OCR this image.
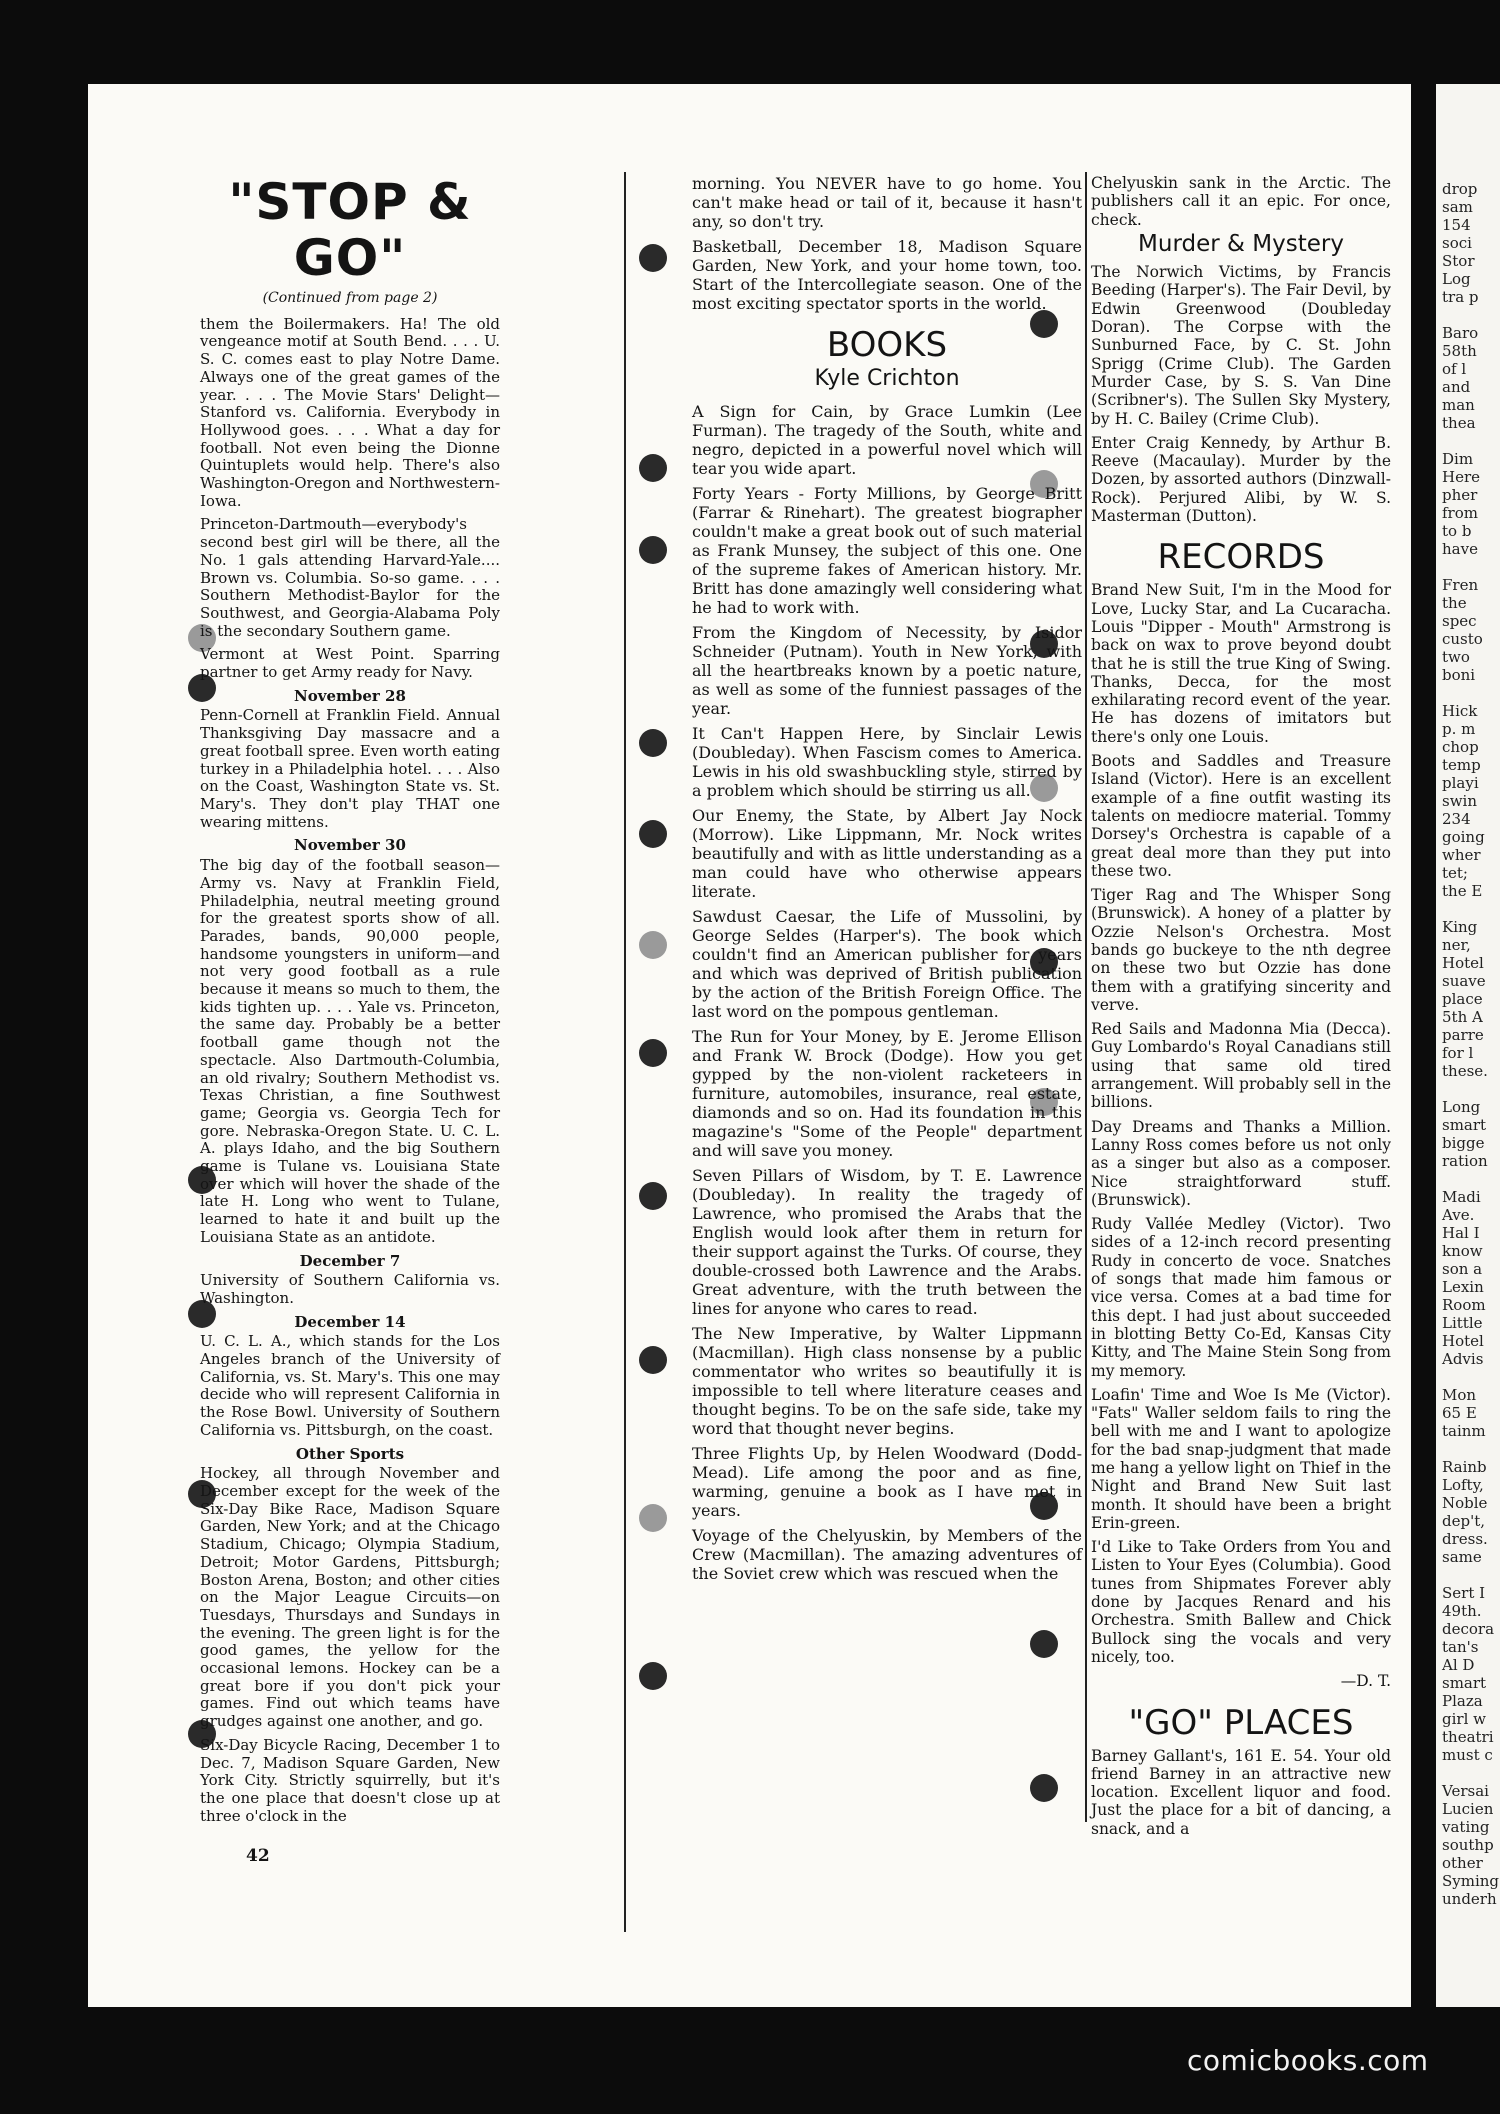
"STOP & GO"
(Continued from page 2)

them the Boilermakers. Ha! The old vengeance motif at South Bend. . . . U. S. C. comes east to play Notre Dame. Always one of the great games of the year. . . . The Movie Stars' Delight—Stanford vs. California. Everybody in Hollywood goes. . . . What a day for football. Not even being the Dionne Quintuplets would help. There's also Washington-Oregon and Northwestern-Iowa.

Princeton-Dartmouth—everybody's second best girl will be there, all the No. 1 gals attending Harvard-Yale.... Brown vs. Columbia. So-so game. . . . Southern Methodist-Baylor for the Southwest, and Georgia-Alabama Poly is the secondary Southern game.

Vermont at West Point. Sparring partner to get Army ready for Navy.

November 28

Penn-Cornell at Franklin Field. Annual Thanksgiving Day massacre and a great football spree. Even worth eating turkey in a Philadelphia hotel. . . . Also on the Coast, Washington State vs. St. Mary's. They don't play THAT one wearing mittens.

November 30

The big day of the football season—Army vs. Navy at Franklin Field, Philadelphia, neutral meeting ground for the greatest sports show of all. Parades, bands, 90,000 people, handsome youngsters in uniform—and not very good football as a rule because it means so much to them, the kids tighten up. . . . Yale vs. Princeton, the same day. Probably be a better football game though not the spectacle. Also Dartmouth-Columbia, an old rivalry; Southern Methodist vs. Texas Christian, a fine Southwest game; Georgia vs. Georgia Tech for gore. Nebraska-Oregon State. U. C. L. A. plays Idaho, and the big Southern game is Tulane vs. Louisiana State over which will hover the shade of the late H. Long who went to Tulane, learned to hate it and built up the Louisiana State as an antidote.

December 7

University of Southern California vs. Washington.

December 14

U. C. L. A., which stands for the Los Angeles branch of the University of California, vs. St. Mary's. This one may decide who will represent California in the Rose Bowl. University of Southern California vs. Pittsburgh, on the coast.

Other Sports

Hockey, all through November and December except for the week of the Six-Day Bike Race, Madison Square Garden, New York; and at the Chicago Stadium, Chicago; Olympia Stadium, Detroit; Motor Gardens, Pittsburgh; Boston Arena, Boston; and other cities on the Major League Circuits—on Tuesdays, Thursdays and Sundays in the evening. The green light is for the good games, the yellow for the occasional lemons. Hockey can be a great bore if you don't pick your games. Find out which teams have grudges against one another, and go.

Six-Day Bicycle Racing, December 1 to Dec. 7, Madison Square Garden, New York City. Strictly squirrelly, but it's the one place that doesn't close up at three o'clock in the

morning. You NEVER have to go home. You can't make head or tail of it, because it hasn't any, so don't try.

Basketball, December 18, Madison Square Garden, New York, and your home town, too. Start of the Intercollegiate season. One of the most exciting spectator sports in the world.

BOOKS
Kyle Crichton

A Sign for Cain, by Grace Lumkin (Lee Furman). The tragedy of the South, white and negro, depicted in a powerful novel which will tear you wide apart.

Forty Years - Forty Millions, by George Britt (Farrar & Rinehart). The greatest biographer couldn't make a great book out of such material as Frank Munsey, the subject of this one. One of the supreme fakes of American history. Mr. Britt has done amazingly well considering what he had to work with.

From the Kingdom of Necessity, by Isidor Schneider (Putnam). Youth in New York, with all the heartbreaks known by a poetic nature, as well as some of the funniest passages of the year.

It Can't Happen Here, by Sinclair Lewis (Doubleday). When Fascism comes to America. Lewis in his old swashbuckling style, stirred by a problem which should be stirring us all.

Our Enemy, the State, by Albert Jay Nock (Morrow). Like Lippmann, Mr. Nock writes beautifully and with as little understanding as a man could have who otherwise appears literate.

Sawdust Caesar, the Life of Mussolini, by George Seldes (Harper's). The book which couldn't find an American publisher for years and which was deprived of British publication by the action of the British Foreign Office. The last word on the pompous gentleman.

The Run for Your Money, by E. Jerome Ellison and Frank W. Brock (Dodge). How you get gypped by the non-violent racketeers in furniture, automobiles, insurance, real estate, diamonds and so on. Had its foundation in this magazine's "Some of the People" department and will save you money.

Seven Pillars of Wisdom, by T. E. Lawrence (Doubleday). In reality the tragedy of Lawrence, who promised the Arabs that the English would look after them in return for their support against the Turks. Of course, they double-crossed both Lawrence and the Arabs. Great adventure, with the truth between the lines for anyone who cares to read.

The New Imperative, by Walter Lippmann (Macmillan). High class nonsense by a public commentator who writes so beautifully it is impossible to tell where literature ceases and thought begins. To be on the safe side, take my word that thought never begins.

Three Flights Up, by Helen Woodward (Dodd-Mead). Life among the poor and as fine, warming, genuine a book as I have met in years.

Voyage of the Chelyuskin, by Members of the Crew (Macmillan). The amazing adventures of the Soviet crew which was rescued when the

Chelyuskin sank in the Arctic. The publishers call it an epic. For once, check.

Murder & Mystery

The Norwich Victims, by Francis Beeding (Harper's). The Fair Devil, by Edwin Greenwood (Doubleday Doran). The Corpse with the Sunburned Face, by C. St. John Sprigg (Crime Club). The Garden Murder Case, by S. S. Van Dine (Scribner's). The Sullen Sky Mystery, by H. C. Bailey (Crime Club).

Enter Craig Kennedy, by Arthur B. Reeve (Macaulay). Murder by the Dozen, by assorted authors (Dinzwall-Rock). Perjured Alibi, by W. S. Masterman (Dutton).

RECORDS

Brand New Suit, I'm in the Mood for Love, Lucky Star, and La Cucaracha. Louis "Dipper - Mouth" Armstrong is back on wax to prove beyond doubt that he is still the true King of Swing. Thanks, Decca, for the most exhilarating record event of the year. He has dozens of imitators but there's only one Louis.

Boots and Saddles and Treasure Island (Victor). Here is an excellent example of a fine outfit wasting its talents on mediocre material. Tommy Dorsey's Orchestra is capable of a great deal more than they put into these two.

Tiger Rag and The Whisper Song (Brunswick). A honey of a platter by Ozzie Nelson's Orchestra. Most bands go buckeye to the nth degree on these two but Ozzie has done them with a gratifying sincerity and verve.

Red Sails and Madonna Mia (Decca). Guy Lombardo's Royal Canadians still using that same old tired arrangement. Will probably sell in the billions.

Day Dreams and Thanks a Million. Lanny Ross comes before us not only as a singer but also as a composer. Nice straightforward stuff. (Brunswick).

Rudy Vallée Medley (Victor). Two sides of a 12-inch record presenting Rudy in concerto de voce. Snatches of songs that made him famous or vice versa. Comes at a bad time for this dept. I had just about succeeded in blotting Betty Co-Ed, Kansas City Kitty, and The Maine Stein Song from my memory.

Loafin' Time and Woe Is Me (Victor). "Fats" Waller seldom fails to ring the bell with me and I want to apologize for the bad snap-judgment that made me hang a yellow light on Thief in the Night and Brand New Suit last month. It should have been a bright Erin-green.

I'd Like to Take Orders from You and Listen to Your Eyes (Columbia). Good tunes from Shipmates Forever ably done by Jacques Renard and his Orchestra. Smith Ballew and Chick Bullock sing the vocals and very nicely, too.

—D. T.
"GO" PLACES

Barney Gallant's, 161 E. 54. Your old friend Barney in an attractive new location. Excellent liquor and food. Just the place for a bit of dancing, a snack, and a

42
drop
sam
154
soci
Stor
Log
tra p

Baro
58th
of l
and
man
thea

Dim
Here
pher
from
to b
have

Fren
the
spec
custo
two
boni

Hick
p. m
chop
temp
playi
swin
234
going
wher
tet;
the E

King
ner,
Hotel
suave
place
5th A
parre
for l
these.

Long
smart
bigge
ration

Madi
Ave.
Hal I
know
son a
Lexin
Room
Little
Hotel
Advis

Mon
65 E
tainm

Rainb
Lofty,
Noble
dep't,
dress.
same

Sert I
49th.
decora
tan's
Al D
smart
Plaza
girl w
theatri
must c

Versai
Lucien
vating
southp
other
Syming
underh
comicbooks.com
